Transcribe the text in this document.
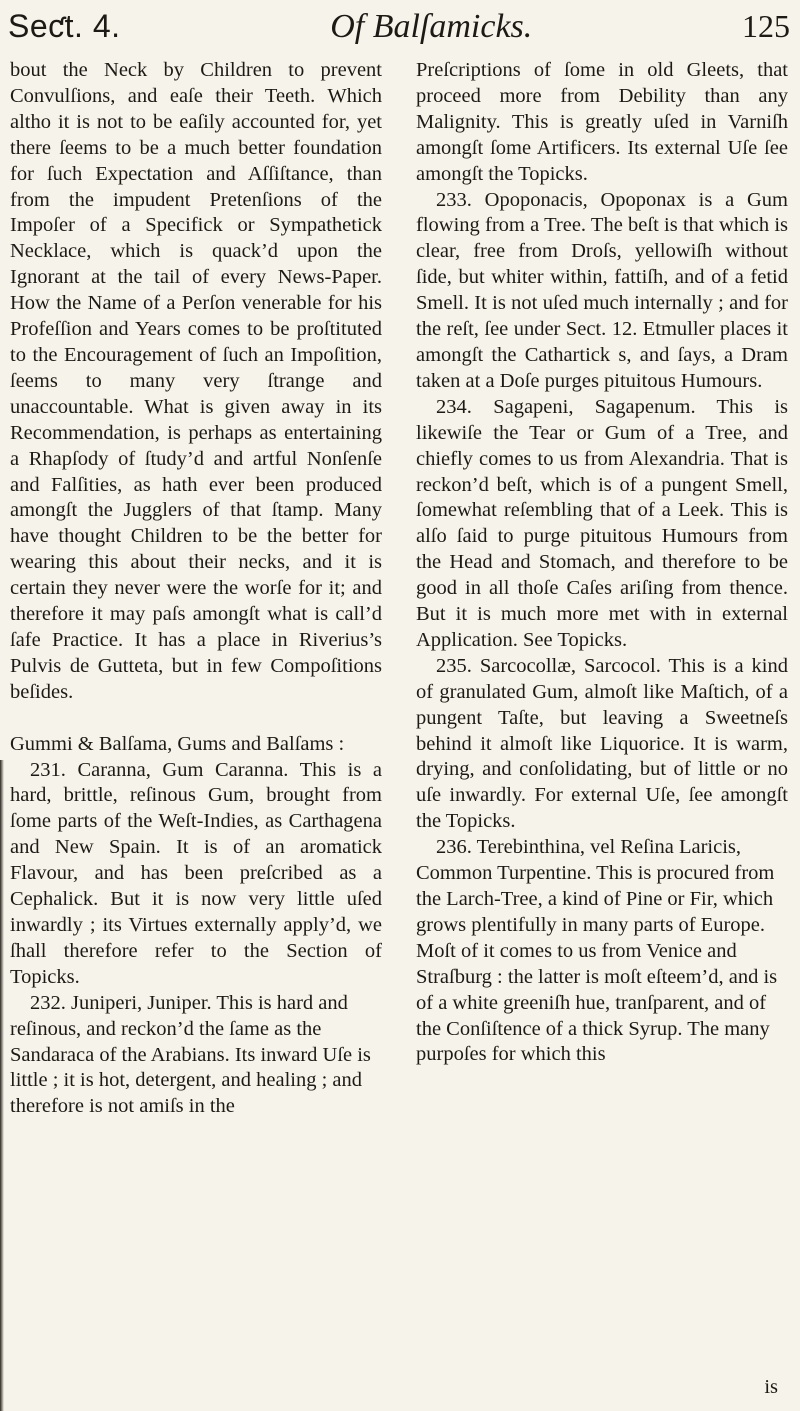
Seƈt. 4.	Of Balſamicks.	125

bout the Neck by Children to prevent Convulſions, and eaſe their Teeth. Which altho it is not to be eaſily accounted for, yet there ſeems to be a much better foundation for ſuch Expectation and Aſſiſtance, than from the impudent Pretenſions of the Impoſer of a Specifick or Sympathetick Necklace, which is quack’d upon the Ignorant at the tail of every News-Paper. How the Name of a Perſon venerable for his Profeſſion and Years comes to be proſtituted to the Encouragement of ſuch an Impoſition, ſeems to many very ſtrange and unaccountable. What is given away in its Recommendation, is perhaps as entertaining a Rhapſody of ſtudy’d and artful Nonſenſe and Falſities, as hath ever been produced amongſt the Jugglers of that ſtamp. Many have thought Children to be the better for wearing this about their necks, and it is certain they never were the worſe for it; and therefore it may paſs amongſt what is call’d ſafe Practice. It has a place in Riverius’s Pulvis de Gutteta, but in few Compoſitions beſides.

Gummi & Balſama, Gums and Balſams :

231. Caranna, Gum Caranna. This is a hard, brittle, reſinous Gum, brought from ſome parts of the Weſt-Indies, as Carthagena and New Spain. It is of an aromatick Flavour, and has been preſcribed as a Cephalick. But it is now very little uſed inwardly ; its Virtues externally apply’d, we ſhall therefore refer to the Section of Topicks.

232. Juniperi, Juniper. This is hard and reſinous, and reckon’d the ſame as the Sandaraca of the Arabians. Its inward Uſe is little ; it is hot, detergent, and healing ; and therefore is not amiſs in the

Preſcriptions of ſome in old Gleets, that proceed more from Debility than any Malignity. This is greatly uſed in Varniſh amongſt ſome Artificers. Its external Uſe ſee amongſt the Topicks.

233. Opoponacis, Opoponax is a Gum flowing from a Tree. The beſt is that which is clear, free from Droſs, yellowiſh without ſide, but whiter within, fattiſh, and of a fetid Smell. It is not uſed much internally ; and for the reſt, ſee under Sect. 12. Etmuller places it amongſt the Cathartick s, and ſays, a Dram taken at a Doſe purges pituitous Humours.

234. Sagapeni, Sagapenum. This is likewiſe the Tear or Gum of a Tree, and chiefly comes to us from Alexandria. That is reckon’d beſt, which is of a pungent Smell, ſomewhat reſembling that of a Leek. This is alſo ſaid to purge pituitous Humours from the Head and Stomach, and therefore to be good in all thoſe Caſes ariſing from thence. But it is much more met with in external Application. See Topicks.

235. Sarcocollæ, Sarcocol. This is a kind of granulated Gum, almoſt like Maſtich, of a pungent Taſte, but leaving a Sweetneſs behind it almoſt like Liquorice. It is warm, drying, and conſolidating, but of little or no uſe inwardly. For external Uſe, ſee amongſt the Topicks.

236. Terebinthina, vel Reſina Laricis, Common Turpentine. This is procured from the Larch-Tree, a kind of Pine or Fir, which grows plentifully in many parts of Europe. Moſt of it comes to us from Venice and Straſburg : the latter is moſt eſteem’d, and is of a white greeniſh hue, tranſparent, and of the Conſiſtence of a thick Syrup. The many purpoſes for which this

is
